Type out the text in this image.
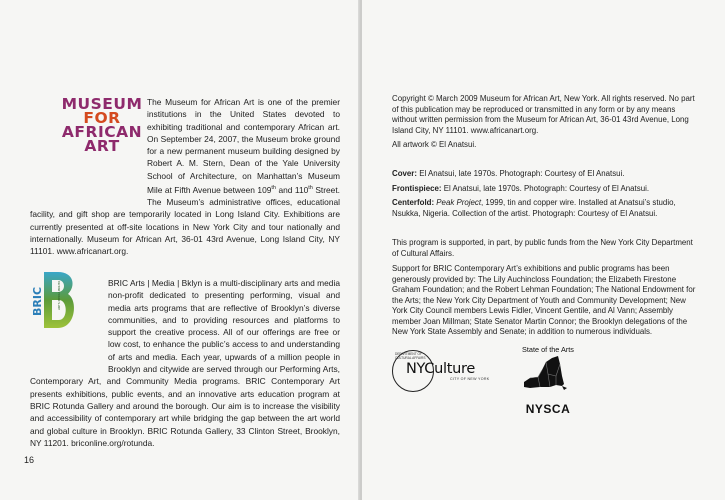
MUSEUM
FOR
AFRICAN
ART

The Museum for African Art is one of the premier institutions in the United States devoted to exhibiting traditional and contemporary African art. On September 24, 2007, the Museum broke ground for a new permanent museum building designed by Robert A. M. Stern, Dean of the Yale University School of Architecture, on Manhattan’s Museum Mile at Fifth Avenue between 109th and 110th Street. The Museum’s administrative offices, educational facility, and gift shop are temporarily located in Long Island City. Exhibitions are currently presented at off-site locations in New York City and tour nationally and internationally. Museum for African Art, 36-01 43rd Avenue, Long Island City, NY 11101. www.africanart.org.

BRIC	ARTS MEDIA BKLYN	BRIC Arts | Media | Bklyn is a multi-disciplinary arts and media non-profit dedicated to presenting performing, visual and media arts programs that are reflective of Brooklyn’s diverse communities, and to providing resources and platforms to support the creative process. All of our offerings are free or low cost, to enhance the public’s access to and understanding of arts and media. Each year, upwards of a million people in Brooklyn and citywide are served through our Performing Arts, Contemporary Art, and Community Media programs. BRIC Contemporary Art presents exhibitions, public events, and an innovative arts education program at BRIC Rotunda Gallery and around the borough. Our aim is to increase the visibility and accessibility of contemporary art while bridging the gap between the art world and global culture in Brooklyn. BRIC Rotunda Gallery, 33 Clinton Street, Brooklyn, NY 11201. briconline.org/rotunda.

16

Copyright © March 2009 Museum for African Art, New York. All rights reserved. No part of this publication may be reproduced or transmitted in any form or by any means without written permission from the Museum for African Art, 36-01 43rd Avenue, Long Island City, NY 11101. www.africanart.org.

All artwork © El Anatsui.

Cover: El Anatsui, late 1970s. Photograph: Courtesy of El Anatsui.

Frontispiece: El Anatsui, late 1970s. Photograph: Courtesy of El Anatsui.

Centerfold: Peak Project, 1999, tin and copper wire. Installed at Anatsui’s studio, Nsukka, Nigeria. Collection of the artist. Photograph: Courtesy of El Anatsui.

This program is supported, in part, by public funds from the New York City Department of Cultural Affairs.

Support for BRIC Contemporary Art’s exhibitions and public programs has been generously provided by: The Lily Auchincloss Foundation; the Elizabeth Firestone Graham Foundation; and the Robert Lehman Foundation; The National Endowment for the Arts; the New York City Department of Youth and Community Development; New York City Council members Lewis Fidler, Vincent Gentile, and Al Vann; Assembly member Joan Millman; State Senator Martin Connor; the Brooklyn delegations of the New York State Assembly and Senate; in addition to numerous individuals.

DEPARTMENT OF CULTURAL AFFAIRS
NYCulture
CITY OF NEW YORK
State of the Arts
NYSCA
